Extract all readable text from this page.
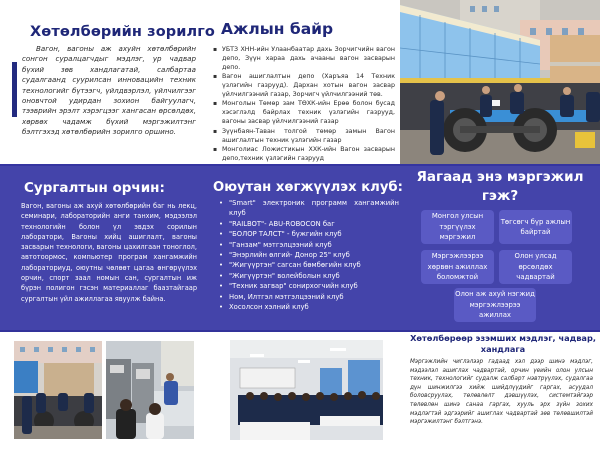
Хөтөлбөрийн зорилго

Вагон, вагоны аж ахуйн хөтөлбөрийн сонгон суралцагчдыг мэдлэг, ур чадвар бүхий зөв хандлагатай, салбартаа судалгаанд суурилсан инновацийн техник технологийг бүтээгч, үйлдвэрлэл, үйлчилгээг оновчтой удирдан зохион байгуулагч, тээврийн эрэлт хэрэгцээг хангасан өрсөлдөх, хөрвөх чадамж бүхий мэргэжилтэнг бэлтгэхэд хөтөлбөрийн зорилго оршино.

Ажлын байр
▪ УБТЗ ХНН-ийн Улаанбаатар дахь Зорчигчийн вагон депо, Зүүн хараа дахь ачааны вагон засварын депо.
▪ Вагон ашиглалтын депо (Харъяа 14 Техник үзлэгийн газрууд). Дархан хотын вагон засвар үйлчилгээний газар, Зорчигч үйлчилгээний төв.
▪ Монголын Төмөр зам ТӨХК-ийн Ерөө болон бусад хэсэглэлд байрлах техник үзлэгийн газрууд, вагоны засвар үйлчилгээний газар
▪ Зүүнбаян-Таван толгой төмөр замын Вагон ашиглалтын техник үзлэгийн газар
▪ Монголиас Ложистикын ХХК-ийн Вагон засварын депо,техник үзлэгийн газрууд
Сургалтын орчин:

Вагон, вагоны аж ахуй хөтөлбөрийн баг нь лекц, семинари, лабораторийн анги танхим, мэдээлэл технологийн болон үл эвдэх сорилын лаборатори, Вагоны хийц ашиглалт, вагоны засварын технологи, вагоны цахилгаан тоноглол, автотоормос, компьютер програм хангамжийн лабораториуд, оюутны чөлөөт цагаа өнгөрүүлэх орчин, спорт заал номын сан, сургалтын иж бүрэн полигон гэсэн материаллаг баазтайгаар сургалтын үйл ажиллагаа явуулж байна.

Оюутан хөгжүүлэх клуб:
• "Smart" электроник программ хангамжийн клуб
• "RAILBOT"- ABU-ROBOCON баг
• "БОЛОР ТАЛСТ" - бүжгийн клуб
• "Ганзам" мэтгэлцээний клуб
• "Энэрлийн өлгий- Донор 25" клуб
• "Жигүүртэн" сагсан бөмбөгийн клуб
• "Жигүүртэн" волейболын клуб
• "Техник загвар" сонирхогчийн клуб
• Ном, Илтгэл мэтгэлцээний клуб
• Хосолсон хэлний клуб
Яагаад энэ мэргэжил гэж?
Монгол улсын тэргүүлэх мэргэжил
Төгсөгч бүр ажлын байртай
Мэргэжлээрээ хөрвөн ажиллах боломжтой
Олон улсад өрсөлдөх чадвартай
Олон аж ахуй нэгжид мэргэжлээрээ ажиллах
Хөтөлбөрөөр эзэмших мэдлэг, чадвар, хандлага

Мэргэжлийн чиглэлээр гадаад хэл дээр шинэ мэдлэг, мэдээлэл ашиглах чадвартай, орчин үеийн олон улсын техник, технологийг судалж салбарт нэвтрүүлэх, судалгаа дүн шинжилгээ хийж шийдлүүдийг гаргах, асуудал боловсруулах, төлөвлөлт дэвшүүлэх, системтэйгээр төлөвлөн шинэ санаа гаргах, хууль эрх зүйн зохих мэдлэгтэй эдгээрийг ашиглах чадвартай зөв төлөвшилтэй мэргэжилтэнг бэлтгэнэ.
